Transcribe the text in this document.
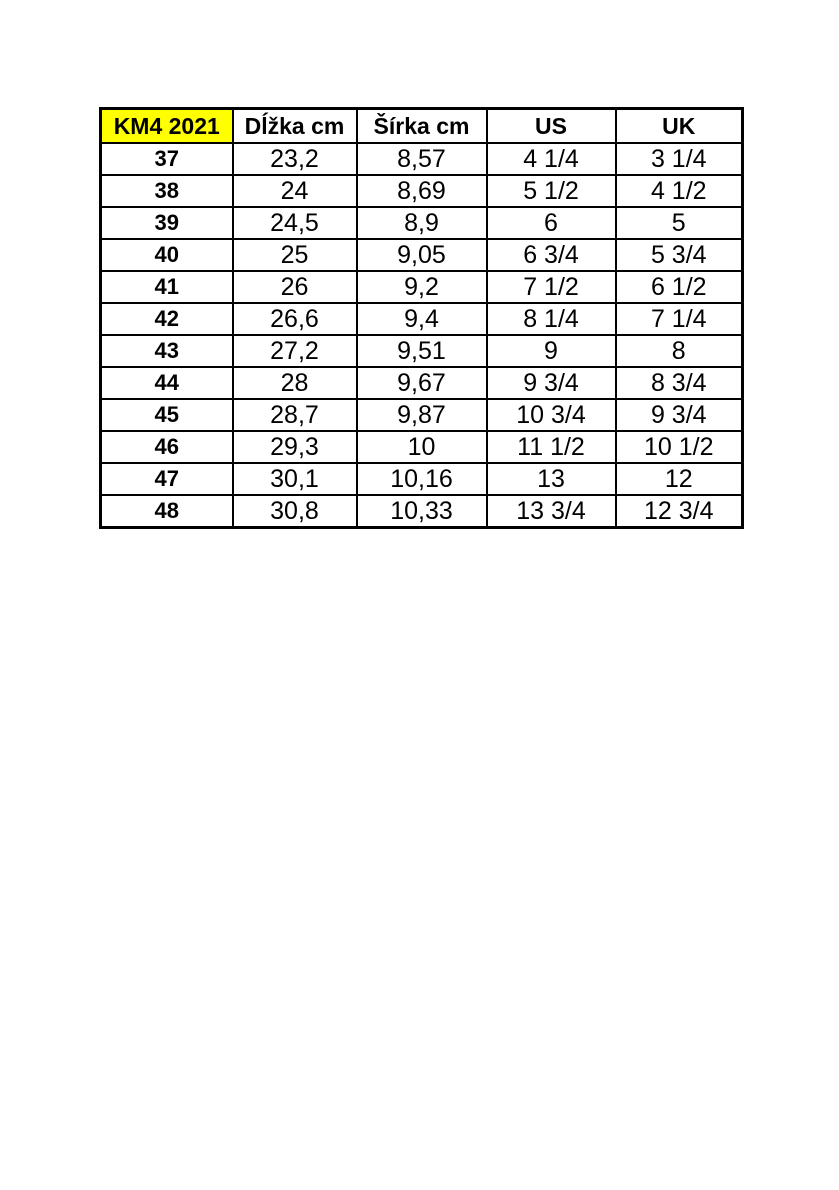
KM4 2021	Dĺžka cm	Šírka cm	US	UK
37	23,2	8,57	4 1/4	3 1/4
38	24	8,69	5 1/2	4 1/2
39	24,5	8,9	6	5
40	25	9,05	6 3/4	5 3/4
41	26	9,2	7 1/2	6 1/2
42	26,6	9,4	8 1/4	7 1/4
43	27,2	9,51	9	8
44	28	9,67	9 3/4	8 3/4
45	28,7	9,87	10 3/4	9 3/4
46	29,3	10	11 1/2	10 1/2
47	30,1	10,16	13	12
48	30,8	10,33	13 3/4	12 3/4
